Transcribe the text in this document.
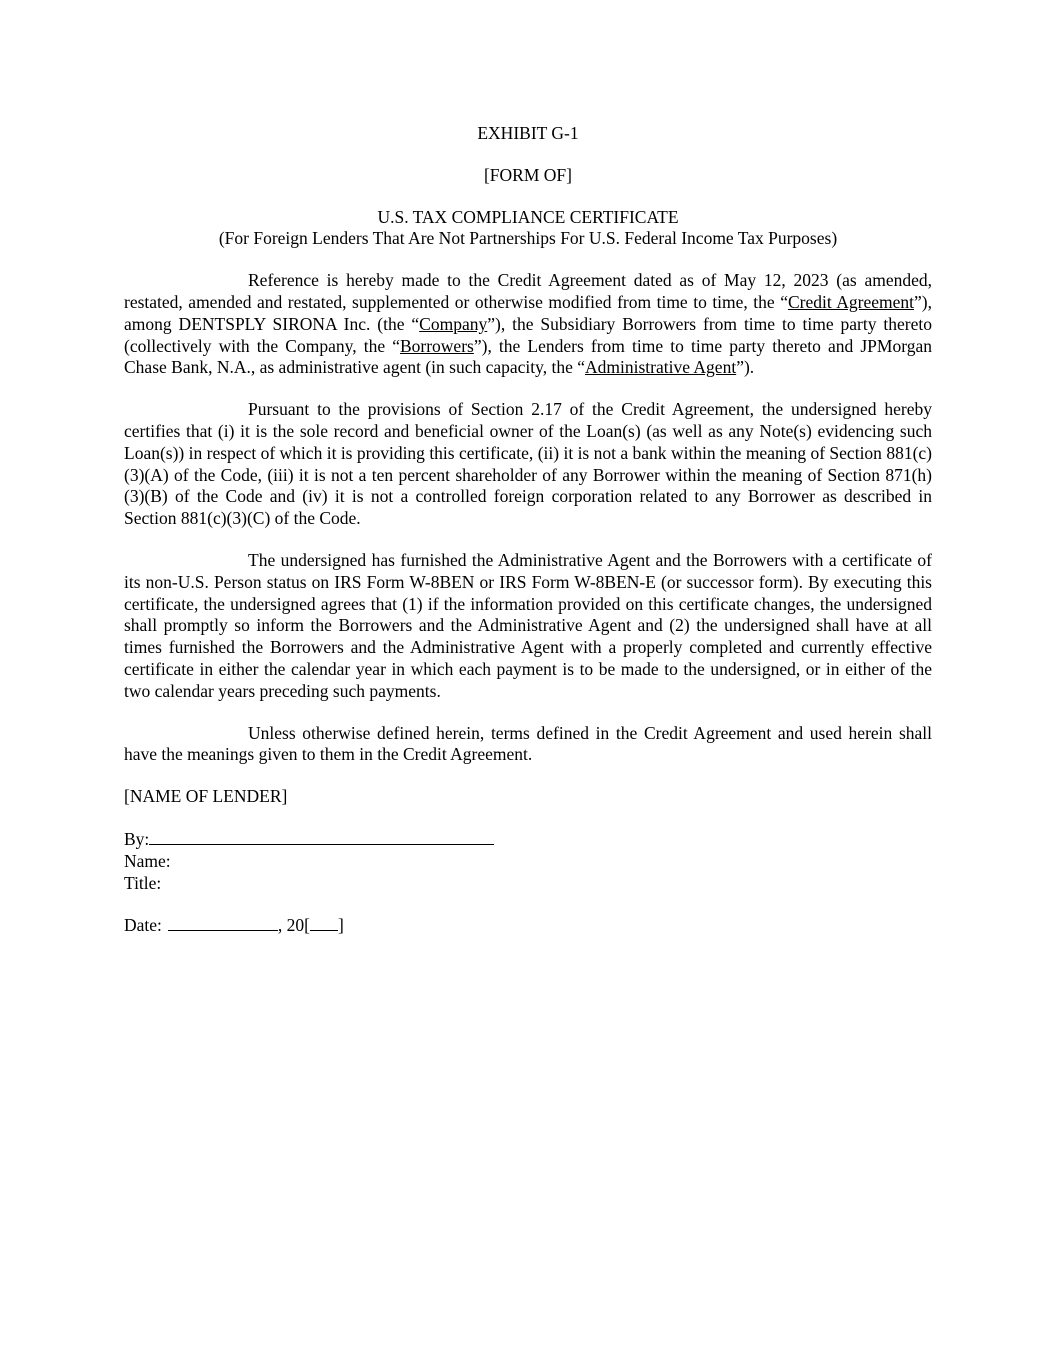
EXHIBIT G-1

[FORM OF]

U.S. TAX COMPLIANCE CERTIFICATE

(For Foreign Lenders That Are Not Partnerships For U.S. Federal Income Tax Purposes)

Reference is hereby made to the Credit Agreement dated as of May 12, 2023 (as amended, restated, amended and restated, supplemented or otherwise modified from time to time, the “Credit Agreement”), among DENTSPLY SIRONA Inc. (the “Company”), the Subsidiary Borrowers from time to time party thereto (collectively with the Company, the “Borrowers”), the Lenders from time to time party thereto and JPMorgan Chase Bank, N.A., as administrative agent (in such capacity, the “Administrative Agent”).

Pursuant to the provisions of Section 2.17 of the Credit Agreement, the undersigned hereby certifies that (i) it is the sole record and beneficial owner of the Loan(s) (as well as any Note(s) evidencing such Loan(s)) in respect of which it is providing this certificate, (ii) it is not a bank within the meaning of Section 881(c)(3)(A) of the Code, (iii) it is not a ten percent shareholder of any Borrower within the meaning of Section 871(h)(3)(B) of the Code and (iv) it is not a controlled foreign corporation related to any Borrower as described in Section 881(c)(3)(C) of the Code.

The undersigned has furnished the Administrative Agent and the Borrowers with a certificate of its non-U.S. Person status on IRS Form W-8BEN or IRS Form W-8BEN-E (or successor form). By executing this certificate, the undersigned agrees that (1) if the information provided on this certificate changes, the undersigned shall promptly so inform the Borrowers and the Administrative Agent and (2) the undersigned shall have at all times furnished the Borrowers and the Administrative Agent with a properly completed and currently effective certificate in either the calendar year in which each payment is to be made to the undersigned, or in either of the two calendar years preceding such payments.

Unless otherwise defined herein, terms defined in the Credit Agreement and used herein shall have the meanings given to them in the Credit Agreement.

[NAME OF LENDER]

By:
Name:
Title:
Date:	, 20[ ]
